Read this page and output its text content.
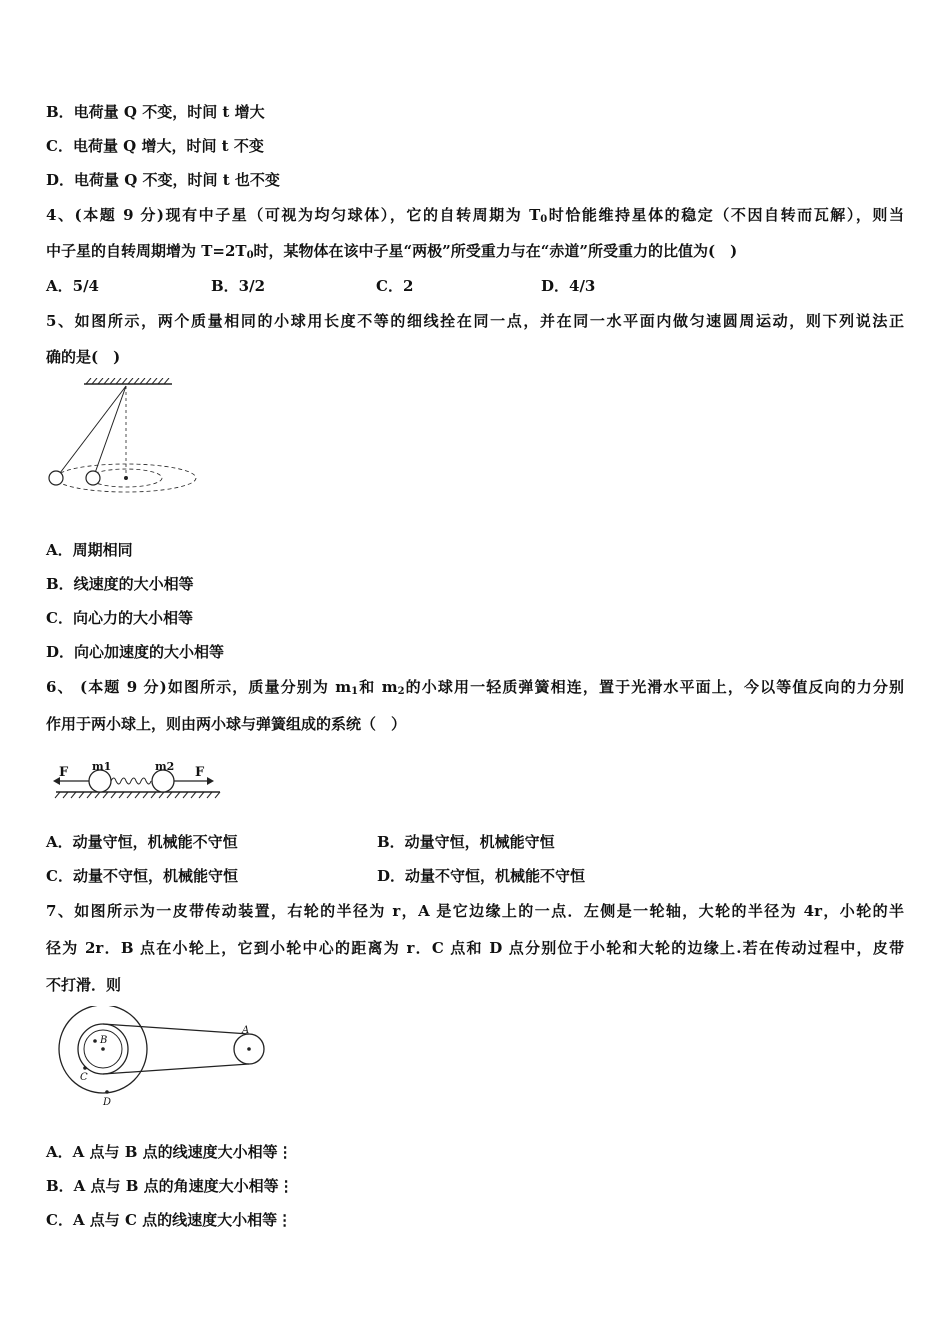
B．电荷量 Q 不变，时间 t 增大
C．电荷量 Q 增大，时间 t 不变
D．电荷量 Q 不变，时间 t 也不变
4、(本题 9 分)现有中子星（可视为均匀球体），它的自转周期为 $T_0$时恰能维持星体的稳定（不因自转而瓦解），则当
中子星的自转周期增为 $T=2T_0$时，某物体在该中子星“两极”所受重力与在“赤道”所受重力的比值为(　)
A．5/4	B．3/2	C．2	D．4/3
5、如图所示，两个质量相同的小球用长度不等的细线拴在同一点，并在同一水平面内做匀速圆周运动，则下列说法正
确的是(　)
A．周期相同
B．线速度的大小相等
C．向心力的大小相等
D．向心加速度的大小相等
6、 (本题 9 分)如图所示，质量分别为 $m_1$和 $m_2$的小球用一轻质弹簧相连，置于光滑水平面上，今以等值反向的力分别
作用于两小球上，则由两小球与弹簧组成的系统（　）
F m1	m2 F
A．动量守恒，机械能不守恒	B．动量守恒，机械能守恒
C．动量不守恒，机械能守恒	D．动量不守恒，机械能不守恒
7、如图所示为一皮带传动装置，右轮的半径为 r，A 是它边缘上的一点．左侧是一轮轴，大轮的半径为 4r，小轮的半
径为 2r．B 点在小轮上，它到小轮中心的距离为 r．C 点和 D 点分别位于小轮和大轮的边缘上.若在传动过程中，皮带
不打滑．则
B
A
C
D
A．A 点与 B 点的线速度大小相等⋮
B．A 点与 B 点的角速度大小相等⋮
C．A 点与 C 点的线速度大小相等⋮
